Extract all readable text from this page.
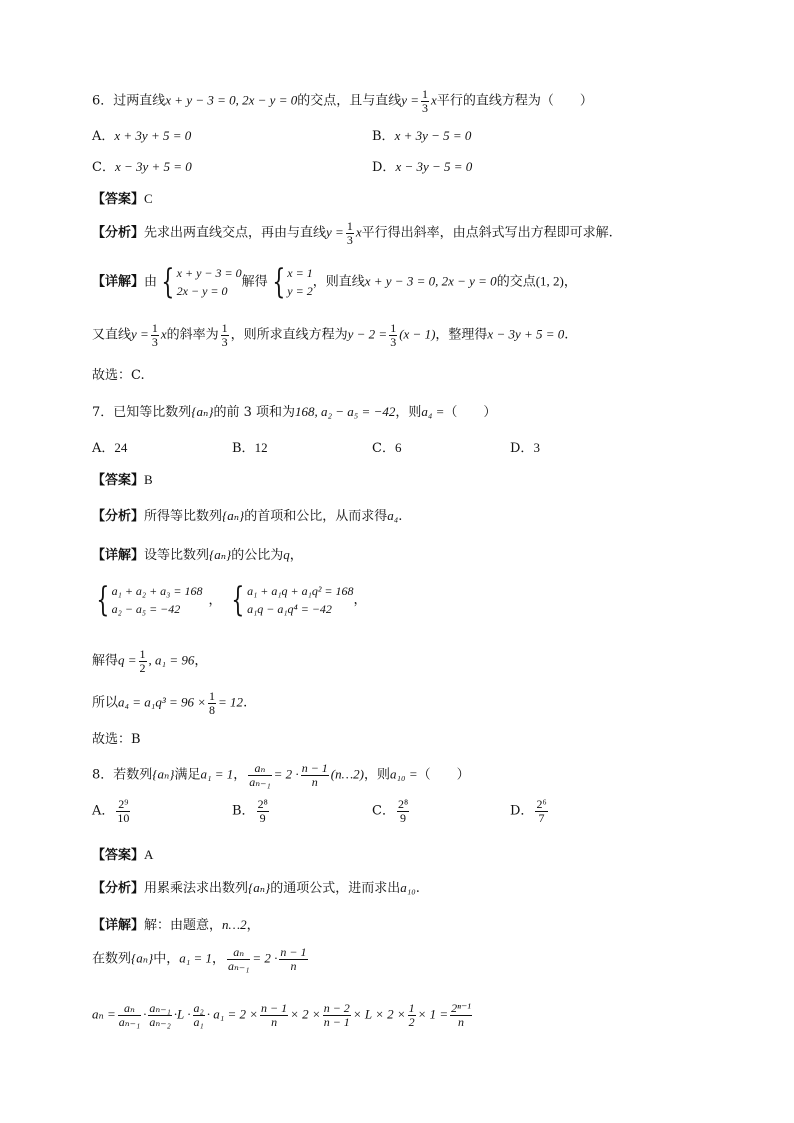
6．过两直线x + y − 3 = 0, 2x − y = 0的交点，且与直线$y = \frac{1}{3}$ x平行的直线方程为（　　）
A．x + 3y + 5 = 0	B．x + 3y − 5 = 0
C．x − 3y + 5 = 0	D．x − 3y − 5 = 0
【答案】C
【分析】先求出两直线交点，再由与直线$y = \frac{1}{3}$ x平行得出斜率，由点斜式写出方程即可求解.
【详解】由 { x + y − 3 = 0
2x − y = 0
解得 { x = 1
y = 2
，则直线x + y − 3 = 0, 2x − y = 0的交点(1, 2)，
又直线$y = \frac{1}{3}$ x的斜率为 $\frac{1}{3}$ ，则所求直线方程为$y - 2 = \frac{1}{3} (x - 1)$，整理得x − 3y + 5 = 0.
故选：C.
7．已知等比数列{aₙ}的前 3 项和为168, a₂ − a₅ = −42，则a₄ =（　　）
A．24	B．12	C．6	D．3
【答案】B
【分析】所得等比数列{aₙ}的首项和公比，从而求得a₄.
【详解】设等比数列{aₙ}的公比为q，
{ a₁ + a₂ + a₃ = 168
a₂ − a₅ = −42
， { a₁ + a₁q + a₁q² = 168
a₁q − a₁q⁴ = −42
，
解得$q = \frac{1}{2}$ , a₁ = 96，
所以$a_4 = a_1q^3 = 96 \times \frac{1}{8} = 12$.
故选：B
8．若数列{aₙ}满足a₁ = 1， $\frac{\text{aₙ}}{\text{aₙ₋₁}} = 2 \cdot \frac{n - 1}{n}$ (n…2)，则a₁₀ =（　　）
A． $\frac{\text{2⁹}}{10}$	B． $\frac{\text{2⁸}}{9}$	C． $\frac{\text{2⁸}}{9}$	D． $\frac{\text{2⁶}}{7}$
【答案】A
【分析】用累乘法求出数列{aₙ}的通项公式，进而求出a₁₀.
【详解】解：由题意，n…2，
在数列{aₙ}中，a₁ = 1， $\frac{\text{aₙ}}{\text{aₙ₋₁}} = 2 \cdot \frac{n - 1}{n}$
$a_n = \frac{\text{aₙ}}{\text{aₙ₋₁}} \cdot \frac{\text{aₙ₋₁}}{\text{aₙ₋₂}} \cdot L \cdot \frac{\text{a₂}}{\text{a₁}} \cdot a_1 = 2 \times \frac{n - 1}{n} \times 2 \times \frac{n - 2}{n - 1} \times L \times 2 \times \frac{1}{2} \times 1 = \frac{\text{2ⁿ⁻¹}}{n}$
